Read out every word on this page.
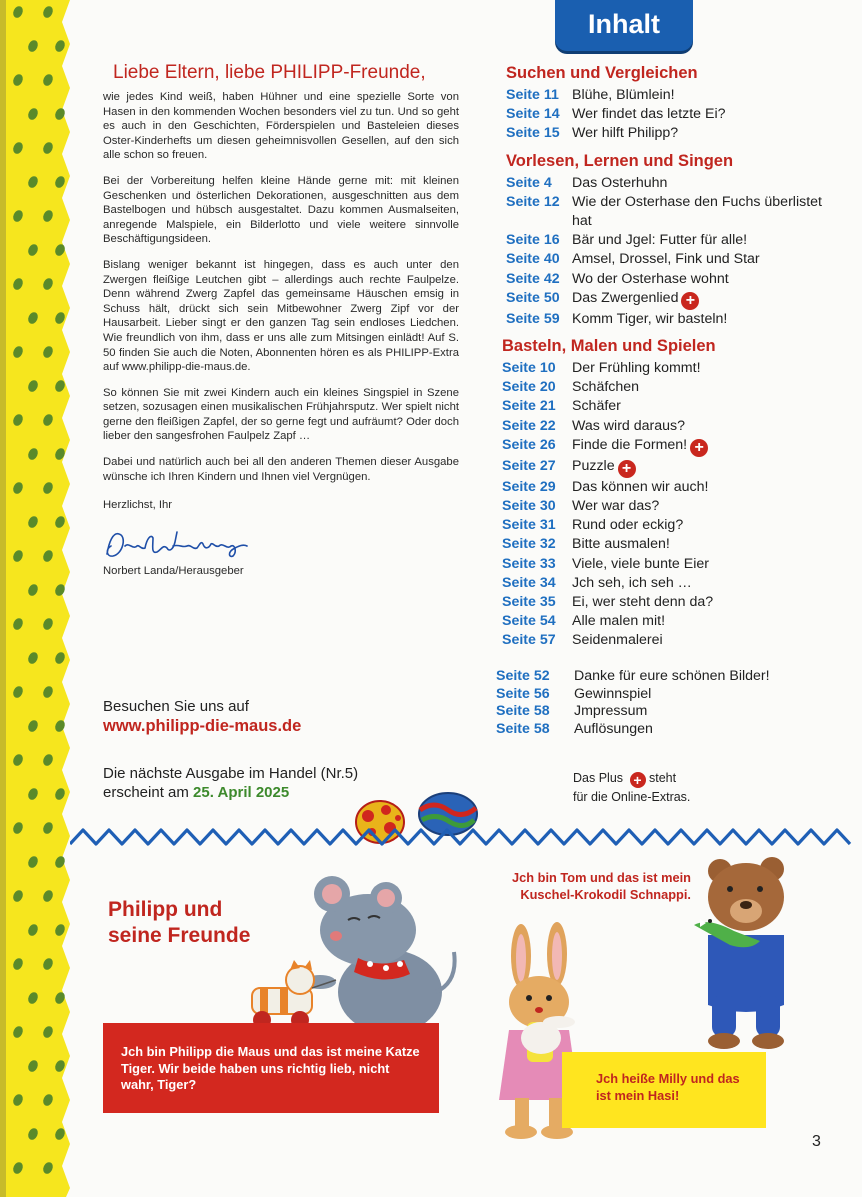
Liebe Eltern, liebe PHILIPP-Freunde,

wie jedes Kind weiß, haben Hühner und eine spezielle Sorte von Hasen in den kommenden Wochen besonders viel zu tun. Und so geht es auch in den Geschichten, Förderspielen und Basteleien dieses Oster-Kinderhefts um diesen geheimnisvollen Gesellen, auf den sich alle schon so freuen.

Bei der Vorbereitung helfen kleine Hände gerne mit: mit kleinen Geschenken und österlichen Dekorationen, ausgeschnitten aus dem Bastelbogen und hübsch ausgestaltet. Dazu kommen Ausmalseiten, anregende Malspiele, ein Bilderlotto und viele weitere sinnvolle Beschäftigungsideen.

Bislang weniger bekannt ist hingegen, dass es auch unter den Zwergen fleißige Leutchen gibt – allerdings auch rechte Faulpelze. Denn während Zwerg Zapfel das gemeinsame Häuschen emsig in Schuss hält, drückt sich sein Mitbewohner Zwerg Zipf vor der Hausarbeit. Lieber singt er den ganzen Tag sein endloses Liedchen. Wie freundlich von ihm, dass er uns alle zum Mitsingen einlädt! Auf S. 50 finden Sie auch die Noten, Abonnenten hören es als PHILIPP-Extra auf www.philipp-die-maus.de.

So können Sie mit zwei Kindern auch ein kleines Singspiel in Szene setzen, sozusagen einen musikalischen Frühjahrsputz. Wer spielt nicht gerne den fleißigen Zapfel, der so gerne fegt und aufräumt? Oder doch lieber den sangesfrohen Faulpelz Zapf …

Dabei und natürlich auch bei all den anderen Themen dieser Ausgabe wünsche ich Ihren Kindern und Ihnen viel Vergnügen.

Herzlichst, Ihr

Norbert Landa/Herausgeber

Besuchen Sie uns auf

www.philipp-die-maus.de

Die nächste Ausgabe im Handel (Nr.5)
erscheint am 25. April 2025
Inhalt
Suchen und Vergleichen
Seite 11 Blühe, Blümlein!
Seite 14 Wer findet das letzte Ei?
Seite 15 Wer hilft Philipp?
Vorlesen, Lernen und Singen
Seite 4	Das Osterhuhn
Seite 12 Wie der Osterhase den Fuchs überlistet hat
Seite 16 Bär und Jgel: Futter für alle!
Seite 40 Amsel, Drossel, Fink und Star
Seite 42 Wo der Osterhase wohnt
Seite 50 Das Zwergenlied +
Seite 59 Komm Tiger, wir basteln!
Basteln, Malen und Spielen
Seite 10	Der Frühling kommt!
Seite 20	Schäfchen
Seite 21	Schäfer
Seite 22	Was wird daraus?
Seite 26	Finde die Formen! +
Seite 27	Puzzle +
Seite 29	Das können wir auch!
Seite 30	Wer war das?
Seite 31	Rund oder eckig?
Seite 32	Bitte ausmalen!
Seite 33	Viele, viele bunte Eier
Seite 34	Jch seh, ich seh …
Seite 35	Ei, wer steht denn da?
Seite 54	Alle malen mit!
Seite 57	Seidenmalerei
Seite 52	Danke für eure schönen Bilder!
Seite 56	Gewinnspiel
Seite 58	Jmpressum
Seite 58	Auflösungen
Das Plus + steht
für die Online-Extras.
Philipp und
seine Freunde

Jch bin Philipp die Maus und das ist meine Katze Tiger. Wir beide haben uns richtig lieb, nicht wahr, Tiger?

Jch bin Tom und das ist mein Kuschel-Krokodil Schnappi.

Jch heiße Milly und das ist mein Hasi!

3
